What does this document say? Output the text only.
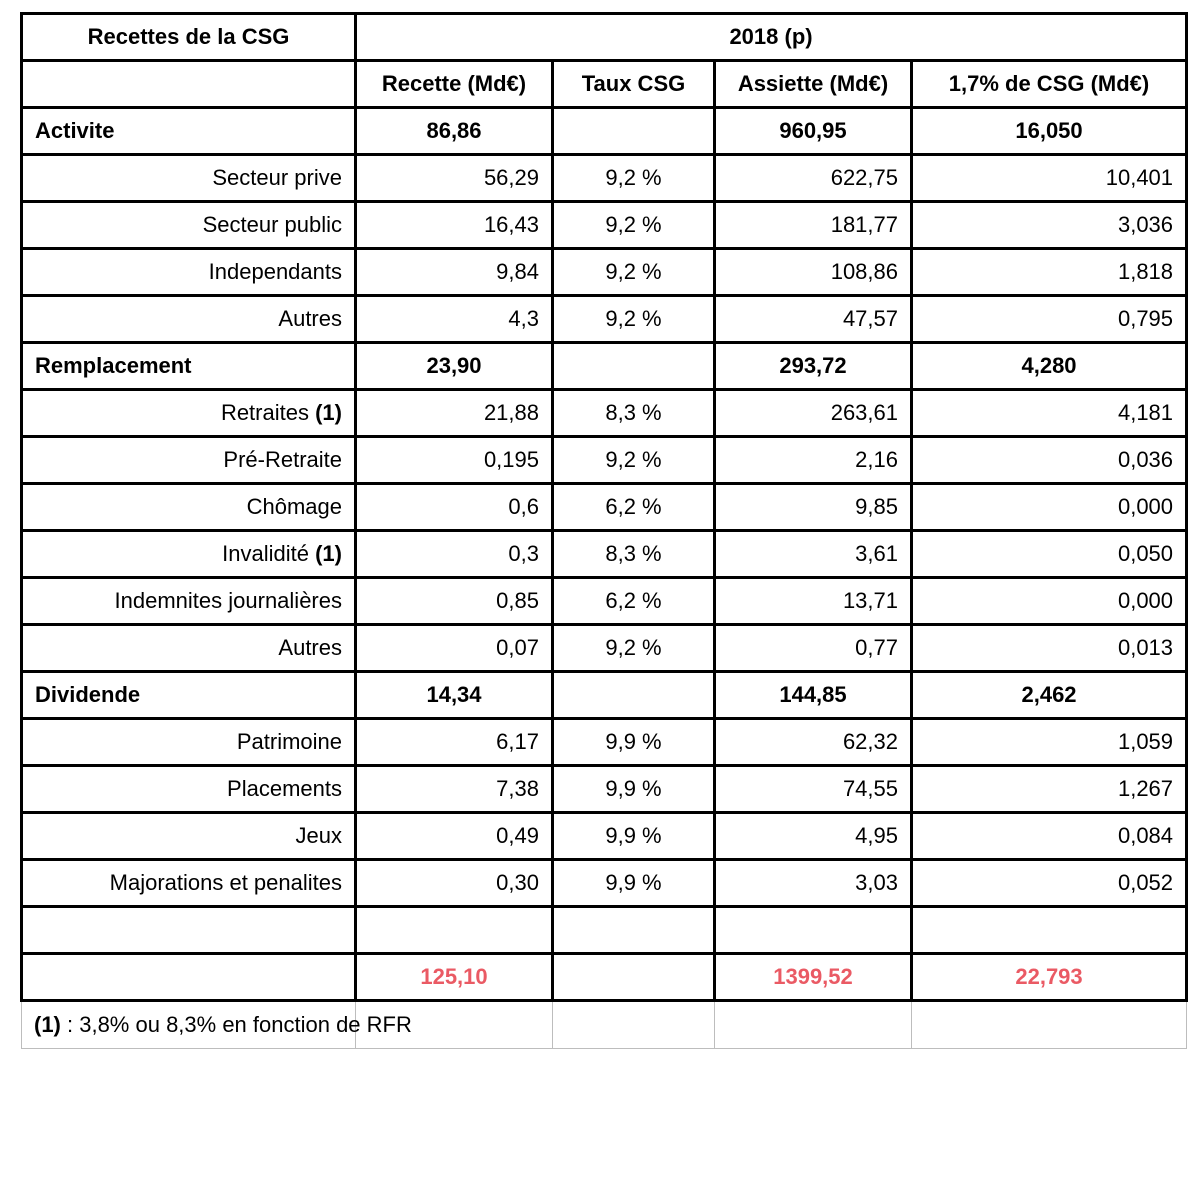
Recettes de la CSG	2018 (p)			
	Recette (Md€)	Taux CSG	Assiette (Md€)	1,7% de CSG (Md€)
Activite	86,86		960,95	16,050
Secteur prive	56,29	9,2 %	622,75	10,401
Secteur public	16,43	9,2 %	181,77	3,036
Independants	9,84	9,2 %	108,86	1,818
Autres	4,3	9,2 %	47,57	0,795
Remplacement	23,90		293,72	4,280
Retraites (1)	21,88	8,3 %	263,61	4,181
Pré-Retraite	0,195	9,2 %	2,16	0,036
Chômage	0,6	6,2 %	9,85	0,000
Invalidité (1)	0,3	8,3 %	3,61	0,050
Indemnites journalières	0,85	6,2 %	13,71	0,000
Autres	0,07	9,2 %	0,77	0,013
Dividende	14,34		144,85	2,462
Patrimoine	6,17	9,9 %	62,32	1,059
Placements	7,38	9,9 %	74,55	1,267
Jeux	0,49	9,9 %	4,95	0,084
Majorations et penalites	0,30	9,9 %	3,03	0,052

	125,10		1399,52	22,793
(1) : 3,8% ou 8,3% en fonction de RFR				
